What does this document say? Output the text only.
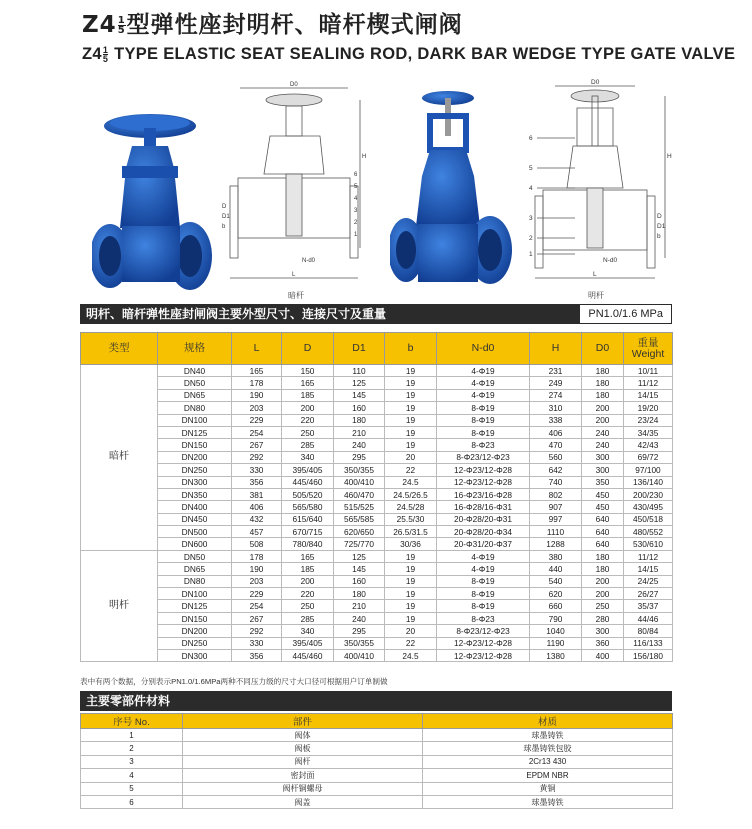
$Z4 \frac{1}{5}$ 型弹性座封明杆、暗杆楔式闸阀
$Z4 \frac{1}{5}$ TYPE ELASTIC SEAT SEALING ROD, DARK BAR WEDGE TYPE GATE VALVE
D0
H
L
N-d0
D
D1
b
6
5
4
3
2
1
暗杆
D0
H
L
N-d0
D
D1
b
6
5
4
3
2
1
明杆
明杆、暗杆弹性座封闸阀主要外型尺寸、连接尺寸及重量	PN1.0/1.6 MPa
类型	规格	L	D	D1	b	N-d0	H	D0	重量
Weight
暗杆	DN40	165	150	110	19	4-Φ19	231	180	10/11
	DN50	178	165	125	19	4-Φ19	249	180	11/12
	DN65	190	185	145	19	4-Φ19	274	180	14/15
	DN80	203	200	160	19	8-Φ19	310	200	19/20
	DN100	229	220	180	19	8-Φ19	338	200	23/24
	DN125	254	250	210	19	8-Φ19	406	240	34/35
	DN150	267	285	240	19	8-Φ23	470	240	42/43
	DN200	292	340	295	20	8-Φ23/12-Φ23	560	300	69/72
	DN250	330	395/405	350/355	22	12-Φ23/12-Φ28	642	300	97/100
	DN300	356	445/460	400/410	24.5	12-Φ23/12-Φ28	740	350	136/140
	DN350	381	505/520	460/470	24.5/26.5	16-Φ23/16-Φ28	802	450	200/230
	DN400	406	565/580	515/525	24.5/28	16-Φ28/16-Φ31	907	450	430/495
	DN450	432	615/640	565/585	25.5/30	20-Φ28/20-Φ31	997	640	450/518
	DN500	457	670/715	620/650	26.5/31.5	20-Φ28/20-Φ34	1110	640	480/552
	DN600	508	780/840	725/770	30/36	20-Φ31/20-Φ37	1288	640	530/610
明杆	DN50	178	165	125	19	4-Φ19	380	180	11/12
	DN65	190	185	145	19	4-Φ19	440	180	14/15
	DN80	203	200	160	19	8-Φ19	540	200	24/25
	DN100	229	220	180	19	8-Φ19	620	200	26/27
	DN125	254	250	210	19	8-Φ19	660	250	35/37
	DN150	267	285	240	19	8-Φ23	790	280	44/46
	DN200	292	340	295	20	8-Φ23/12-Φ23	1040	300	80/84
	DN250	330	395/405	350/355	22	12-Φ23/12-Φ28	1190	360	116/133
	DN300	356	445/460	400/410	24.5	12-Φ23/12-Φ28	1380	400	156/180
表中有两个数据，分别表示PN1.0/1.6MPa两种不同压力级的尺寸大口径可根据用户订单制做
主要零部件材料
序号 No.	部件	材质
1	阀体	球墨铸铁
2	阀板	球墨铸铁包胶
3	阀杆	2Cr13 430
4	密封面	EPDM NBR
5	阀杆铜螺母	黄铜
6	阀盖	球墨铸铁
